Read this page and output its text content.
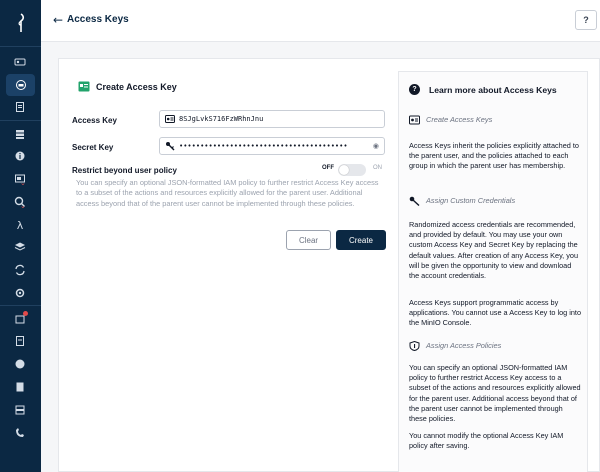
⌄
⌄
λ
← Access Keys	?
Create Access Key
Access Key
8SJgLvkS716FzWRhnJnu
Secret Key
••••••••••••••••••••••••••••••••••••••••	◉
Restrict beyond user policy	OFF	ON

You can specify an optional JSON-formatted IAM policy to further restrict Access Key access to a subset of the actions and resources explicitly allowed for the parent user. Additional access beyond that of the parent user cannot be implemented through these policies.

Clear	Create
?	Learn more about Access Keys
Create Access Keys

Access Keys inherit the policies explicitly attached to the parent user, and the policies attached to each group in which the parent user has membership.

Assign Custom Credentials

Randomized access credentials are recommended, and provided by default. You may use your own custom Access Key and Secret Key by replacing the default values. After creation of any Access Key, you will be given the opportunity to view and download the account credentials.

Access Keys support programmatic access by applications. You cannot use a Access Key to log into the MinIO Console.

Assign Access Policies

You can specify an optional JSON-formatted IAM policy to further restrict Access Key access to a subset of the actions and resources explicitly allowed for the parent user. Additional access beyond that of the parent user cannot be implemented through these policies.

You cannot modify the optional Access Key IAM policy after saving.
